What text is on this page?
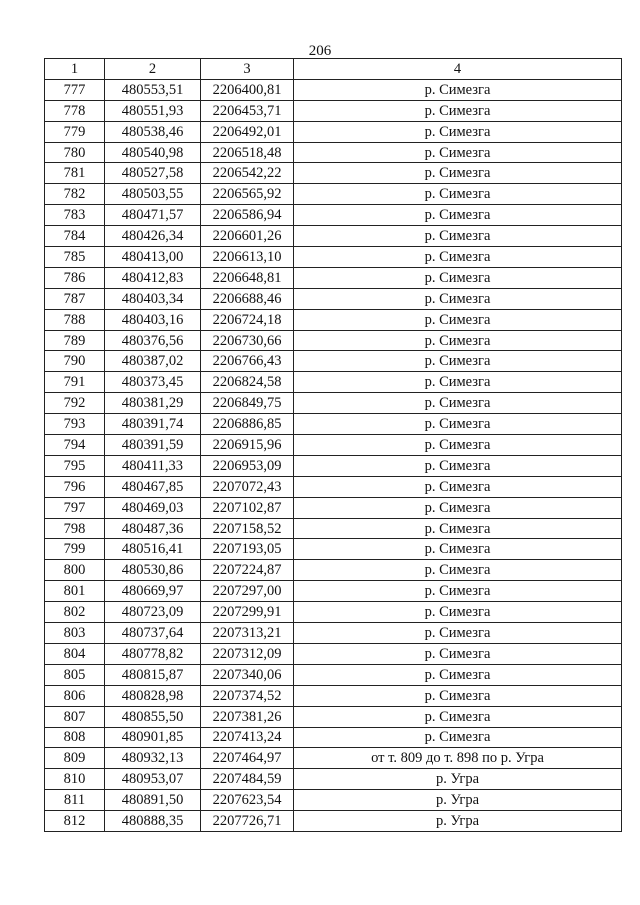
206
1	2	3	4
777	480553,51	2206400,81	р. Симезга
778	480551,93	2206453,71	р. Симезга
779	480538,46	2206492,01	р. Симезга
780	480540,98	2206518,48	р. Симезга
781	480527,58	2206542,22	р. Симезга
782	480503,55	2206565,92	р. Симезга
783	480471,57	2206586,94	р. Симезга
784	480426,34	2206601,26	р. Симезга
785	480413,00	2206613,10	р. Симезга
786	480412,83	2206648,81	р. Симезга
787	480403,34	2206688,46	р. Симезга
788	480403,16	2206724,18	р. Симезга
789	480376,56	2206730,66	р. Симезга
790	480387,02	2206766,43	р. Симезга
791	480373,45	2206824,58	р. Симезга
792	480381,29	2206849,75	р. Симезга
793	480391,74	2206886,85	р. Симезга
794	480391,59	2206915,96	р. Симезга
795	480411,33	2206953,09	р. Симезга
796	480467,85	2207072,43	р. Симезга
797	480469,03	2207102,87	р. Симезга
798	480487,36	2207158,52	р. Симезга
799	480516,41	2207193,05	р. Симезга
800	480530,86	2207224,87	р. Симезга
801	480669,97	2207297,00	р. Симезга
802	480723,09	2207299,91	р. Симезга
803	480737,64	2207313,21	р. Симезга
804	480778,82	2207312,09	р. Симезга
805	480815,87	2207340,06	р. Симезга
806	480828,98	2207374,52	р. Симезга
807	480855,50	2207381,26	р. Симезга
808	480901,85	2207413,24	р. Симезга
809	480932,13	2207464,97	от т. 809 до т. 898 по р. Угра
810	480953,07	2207484,59	р. Угра
811	480891,50	2207623,54	р. Угра
812	480888,35	2207726,71	р. Угра
